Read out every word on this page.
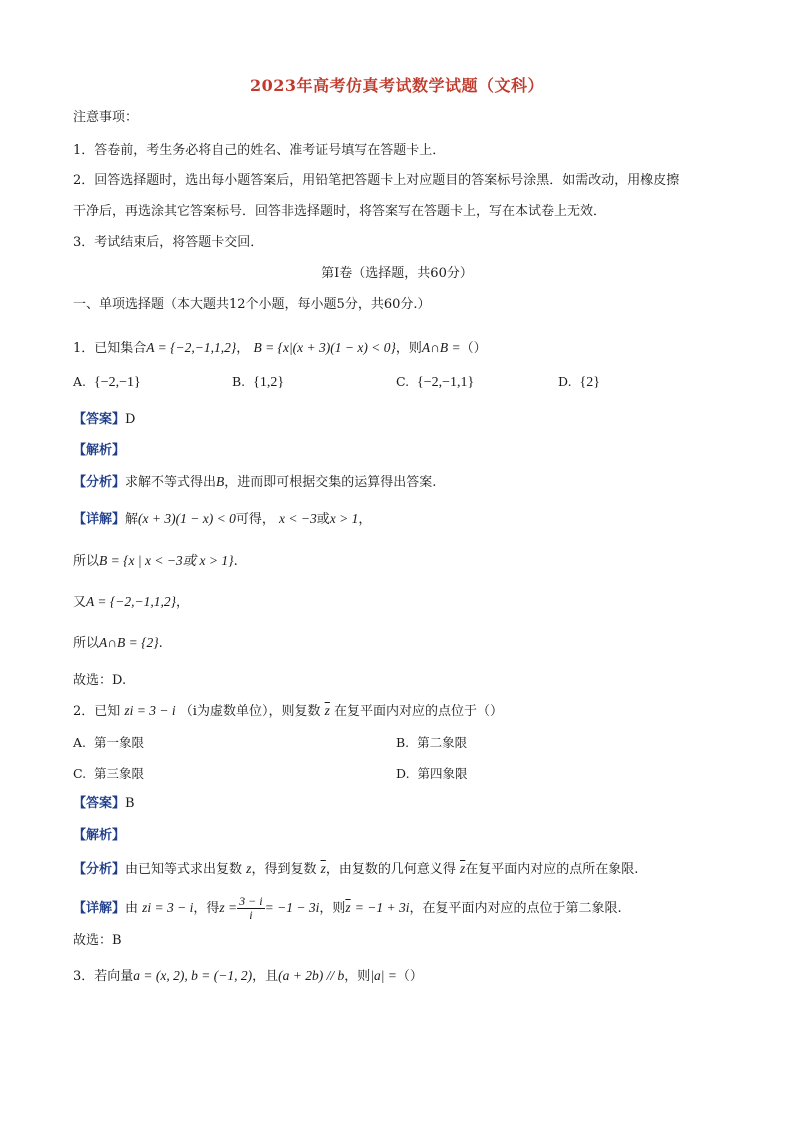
2023年高考仿真考试数学试题（文科）
注意事项：
1．答卷前，考生务必将自己的姓名、准考证号填写在答题卡上．
2．回答选择题时，选出每小题答案后，用铅笔把答题卡上对应题目的答案标号涂黑．如需改动，用橡皮擦
干净后，再选涂其它答案标号．回答非选择题时，将答案写在答题卡上，写在本试卷上无效．
3．考试结束后，将答题卡交回．
第Ⅰ卷（选择题，共60分）
一、单项选择题（本大题共12个小题，每小题5分，共60分.）
1．已知集合A = {−2,−1,1,2}， B = {x|(x + 3)(1 − x) < 0}，则A∩B =（）
A. {−2,−1}	B. {1,2}	C. {−2,−1,1}	D. {2}
【答案】D
【解析】
【分析】求解不等式得出B，进而即可根据交集的运算得出答案.
【详解】解(x + 3)(1 − x) < 0可得， x < −3或x > 1，
所以B = {x | x < −3或 x > 1}.
又A = {−2,−1,1,2}，
所以A∩B = {2}.
故选：D.
2．已知 zi = 3 − i （i为虚数单位），则复数 $\overline{z}$ 在复平面内对应的点位于（）
A. 第一象限	B. 第二象限
C. 第三象限	D. 第四象限
【答案】B
【解析】
【分析】由已知等式求出复数 z，得到复数 $\overline{z}$，由复数的几何意义得 $\overline{z}$在复平面内对应的点所在象限.
【详解】由 zi = 3 − i，得$z = \frac{3 - i}{i} = -1 - 3i$，则$\overline{z} = -1 + 3i$，在复平面内对应的点位于第二象限.
故选：B
3．若向量a = (x, 2), b = (−1, 2)，且(a + 2b) // b，则|a| =（）
